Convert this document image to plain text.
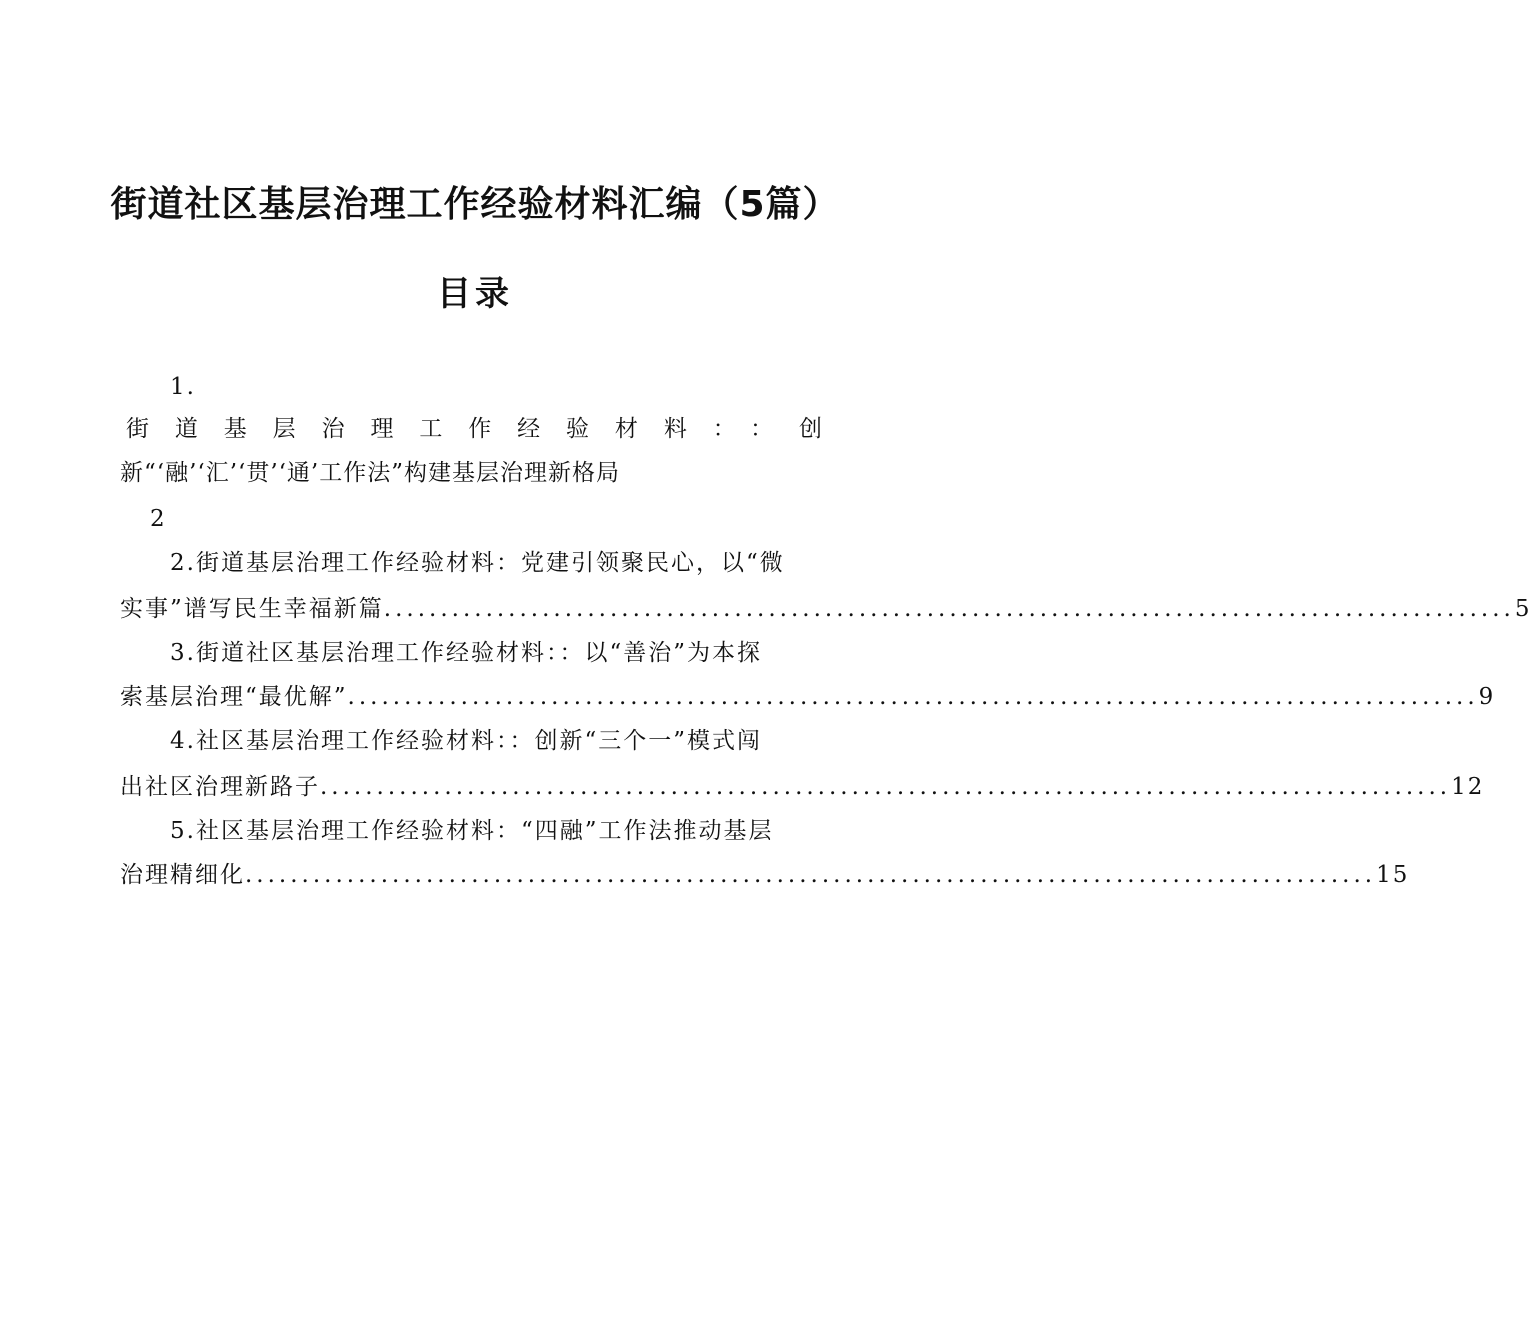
街道社区基层治理工作经验材料汇编（5篇）
目录
1.
街道基层治理工作经验材料：：创
新“‘融’‘汇’‘贯’‘通’工作法”构建基层治理新格局
2
2.街道基层治理工作经验材料：党建引领聚民心，以“微
实事”谱写民生幸福新篇 .................................................................................................... 5
3.街道社区基层治理工作经验材料：：以“善治”为本探
索基层治理“最优解” .................................................................................................... 9
4.社区基层治理工作经验材料：：创新“三个一”模式闯
出社区治理新路子 .................................................................................................... 12
5.社区基层治理工作经验材料：“四融”工作法推动基层
治理精细化 .................................................................................................... 15
